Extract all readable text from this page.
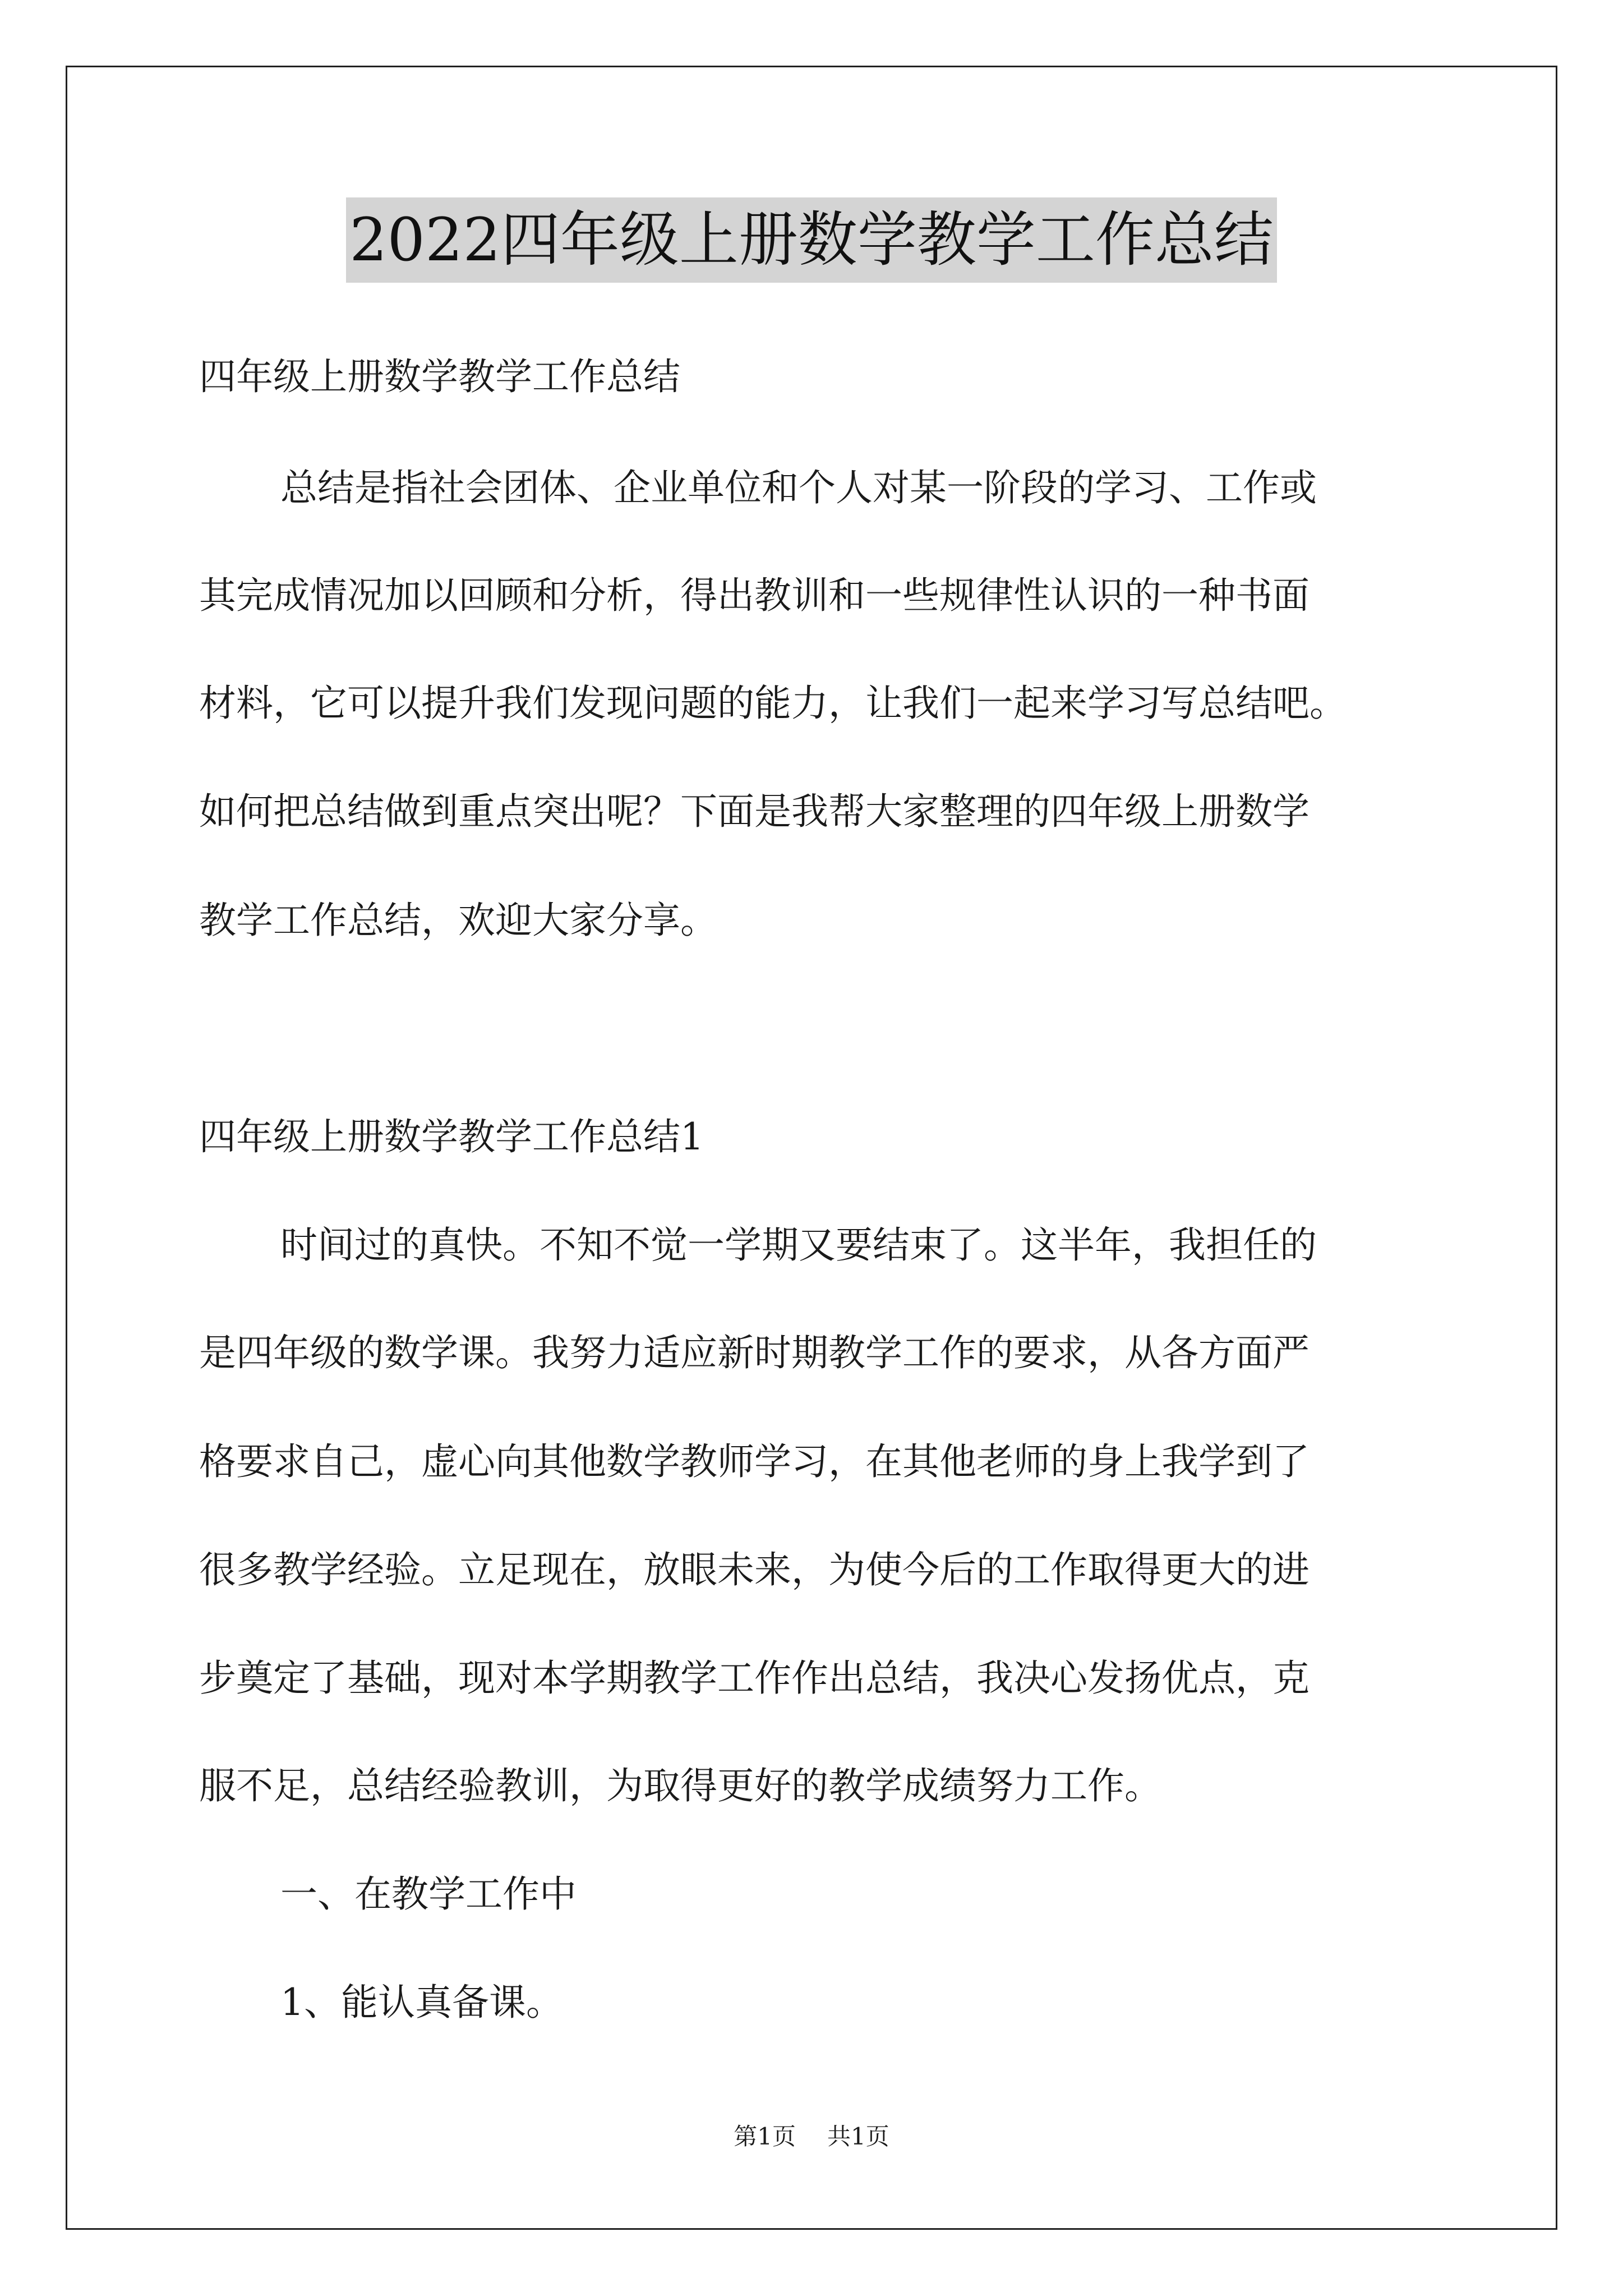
2022四年级上册数学教学工作总结
四年级上册数学教学工作总结
总结是指社会团体、企业单位和个人对某一阶段的学习、工作或
其完成情况加以回顾和分析，得出教训和一些规律性认识的一种书面
材料，它可以提升我们发现问题的能力，让我们一起来学习写总结吧。
如何把总结做到重点突出呢？下面是我帮大家整理的四年级上册数学
教学工作总结，欢迎大家分享。
四年级上册数学教学工作总结1
时间过的真快。不知不觉一学期又要结束了。这半年，我担任的
是四年级的数学课。我努力适应新时期教学工作的要求，从各方面严
格要求自己，虚心向其他数学教师学习，在其他老师的身上我学到了
很多教学经验。立足现在，放眼未来，为使今后的工作取得更大的进
步奠定了基础，现对本学期教学工作作出总结，我决心发扬优点，克
服不足，总结经验教训，为取得更好的教学成绩努力工作。
一、在教学工作中
1、能认真备课。
第1页 共1页
